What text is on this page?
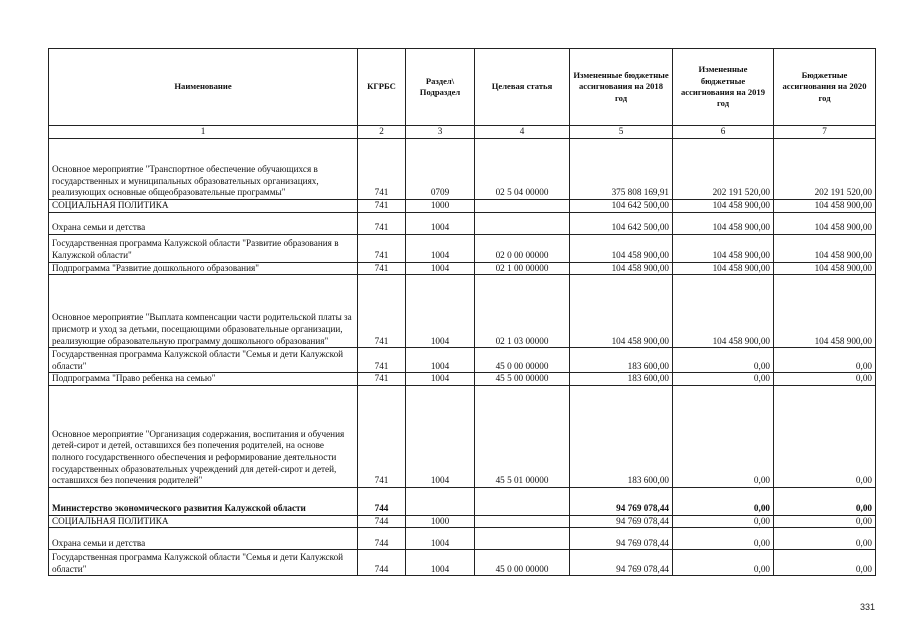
Наименование	КГРБС	Раздел\ Подраздел	Целевая статья	Измененные бюджетные ассигнования на 2018 год	Измененные бюджетные ассигнования на 2019 год	Бюджетные ассигнования на 2020 год
1	2	3	4	5	6	7
Основное мероприятие "Транспортное обеспечение обучающихся в государственных и муниципальных образовательных организациях, реализующих основные общеобразовательные программы"	741	0709	02 5 04 00000	375 808 169,91	202 191 520,00	202 191 520,00
СОЦИАЛЬНАЯ ПОЛИТИКА	741	1000		104 642 500,00	104 458 900,00	104 458 900,00
Охрана семьи и детства	741	1004		104 642 500,00	104 458 900,00	104 458 900,00
Государственная программа Калужской области "Развитие образования в Калужской области"	741	1004	02 0 00 00000	104 458 900,00	104 458 900,00	104 458 900,00
Подпрограмма "Развитие дошкольного образования"	741	1004	02 1 00 00000	104 458 900,00	104 458 900,00	104 458 900,00
Основное мероприятие "Выплата компенсации части родительской платы за присмотр и уход за детьми, посещающими образовательные организации, реализующие образовательную программу дошкольного образования"	741	1004	02 1 03 00000	104 458 900,00	104 458 900,00	104 458 900,00
Государственная программа Калужской области "Семья и дети Калужской области"	741	1004	45 0 00 00000	183 600,00	0,00	0,00
Подпрограмма "Право ребенка на семью"	741	1004	45 5 00 00000	183 600,00	0,00	0,00
Основное мероприятие "Организация содержания, воспитания и обучения детей-сирот и детей, оставшихся без попечения родителей, на основе полного государственного обеспечения и реформирование деятельности государственных образовательных учреждений для детей-сирот и детей, оставшихся без попечения родителей"	741	1004	45 5 01 00000	183 600,00	0,00	0,00
Министерство экономического развития Калужской области	744			94 769 078,44	0,00	0,00
СОЦИАЛЬНАЯ ПОЛИТИКА	744	1000		94 769 078,44	0,00	0,00
Охрана семьи и детства	744	1004		94 769 078,44	0,00	0,00
Государственная программа Калужской области "Семья и дети Калужской области"	744	1004	45 0 00 00000	94 769 078,44	0,00	0,00
331
